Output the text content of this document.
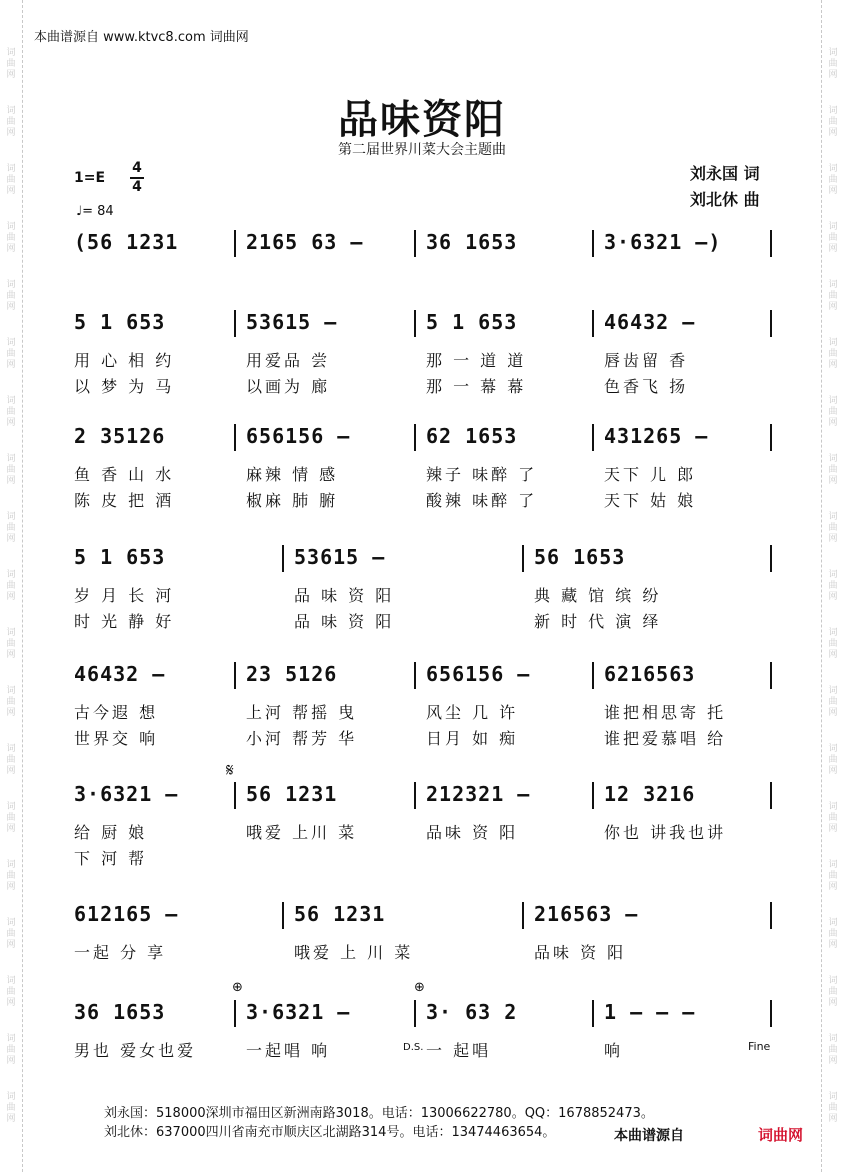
词
曲
网
词
曲
网
词
曲
网
词
曲
网
词
曲
网
词
曲
网
词
曲
网
词
曲
网
词
曲
网
词
曲
网
词
曲
网
词
曲
网
词
曲
网
词
曲
网
词
曲
网
词
曲
网
词
曲
网
词
曲
网
词
曲
网
词
曲
网
词
曲
网
词
曲
网
词
曲
网
词
曲
网
词
曲
网
词
曲
网
词
曲
网
词
曲
网
词
曲
网
词
曲
网
词
曲
网
词
曲
网
词
曲
网
词
曲
网
词
曲
网
词
曲
网
词
曲
网
词
曲
网
本曲谱源自 www.ktvc8.com 词曲网
品味资阳
第二届世界川菜大会主题曲
1=E
4
4
♩= 84
刘永国 词
刘北休 曲
(56 1231	2165 63 –	36 1653	3·6321 –)
5 1 653	53615 –	5 1 653	46432 –
用 心 相 约	用爱品 尝	那 一 道 道	唇齿留 香
以 梦 为 马	以画为 廊	那 一 幕 幕	色香飞 扬
2 35126	656156 –	62 1653	431265 –
鱼 香 山 水	麻辣 情 感	辣子 味醉 了	天下 儿 郎
陈 皮 把 酒	椒麻 肺 腑	酸辣 味醉 了	天下 姑 娘
5 1 653	53615 –	56 1653
岁 月 长 河	品 味 资 阳	典 藏 馆 缤 纷
时 光 静 好	品 味 资 阳	新 时 代 演 绎
46432 –	23 5126	656156 –	6216563
古今遐 想	上河 帮摇 曳	风尘 几 许	谁把相思寄 托
世界交 响	小河 帮芳 华	日月 如 痴	谁把爱慕唱 给
3·6321 –	56 1231	212321 –	12 3216
给 厨 娘	哦爱 上川 菜	品味 资 阳	你也 讲我也讲
下 河 帮
612165 –	56 1231	216563 –
一起 分 享	哦爱 上 川 菜	品味 资 阳
36 1653	3·6321 –	3· 63 2	1 – – –
男也 爱女也爱	一起唱 响	一 起唱	响
𝄋
⊕	⊕
D.S.	Fine
刘永国：518000深圳市福田区新洲南路3018。电话：13006622780。QQ：1678852473。
刘北休：637000四川省南充市顺庆区北湖路314号。电话：13474463654。	本曲谱源自	词曲网
